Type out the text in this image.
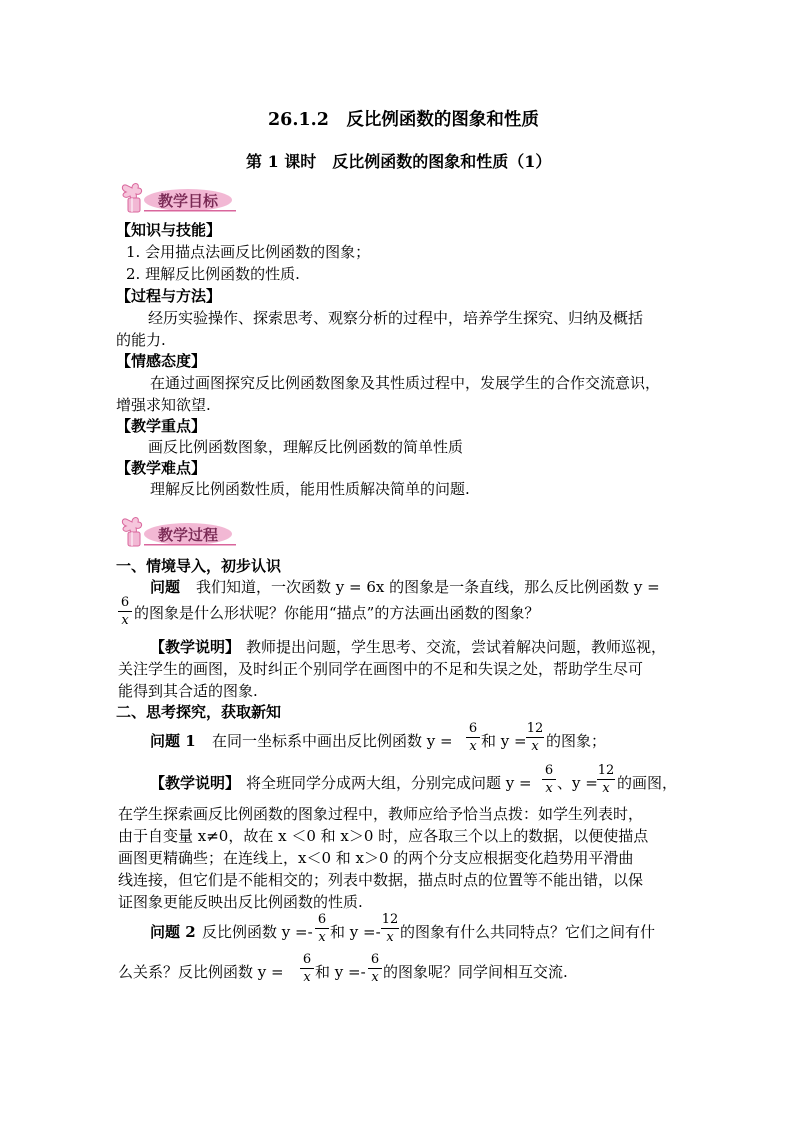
26.1.2　反比例函数的图象和性质
第 1 课时　反比例函数的图象和性质（1）
教学目标
【知识与技能】
1. 会用描点法画反比例函数的图象；
2. 理解反比例函数的性质.
【过程与方法】
经历实验操作、探索思考、观察分析的过程中，培养学生探究、归纳及概括
的能力.
【情感态度】
在通过画图探究反比例函数图象及其性质过程中，发展学生的合作交流意识，
增强求知欲望.
【教学重点】
画反比例函数图象，理解反比例函数的简单性质
【教学难点】
理解反比例函数性质，能用性质解决简单的问题.
教学过程
一、情境导入，初步认识
问题 我们知道，一次函数 y = 6x 的图象是一条直线，那么反比例函数 y =
6
x 的图象是什么形状呢？你能用“描点”的方法画出函数的图象？
【教学说明】 教师提出问题，学生思考、交流，尝试着解决问题，教师巡视，
关注学生的画图，及时纠正个别同学在画图中的不足和失误之处，帮助学生尽可
能得到其合适的图象.
二、思考探究，获取新知
问题 1 在同一坐标系中画出反比例函数 y =
6
x 和 y =
12
x 的图象；
【教学说明】 将全班同学分成两大组，分别完成问题 y =
6
x 、y =
12
x 的画图，
在学生探索画反比例函数的图象过程中，教师应给予恰当点拨：如学生列表时，
由于自变量 x≠0，故在 x ＜0 和 x＞0 时，应各取三个以上的数据，以便使描点
画图更精确些；在连线上，x＜0 和 x＞0 的两个分支应根据变化趋势用平滑曲
线连接，但它们是不能相交的；列表中数据，描点时点的位置等不能出错，以保
证图象更能反映出反比例函数的性质.
问题 2 反比例函数 y =-
6
x 和 y =-
12
x 的图象有什么共同特点？它们之间有什
么关系？反比例函数 y =
6
x 和 y =-
6
x 的图象呢？同学间相互交流.
